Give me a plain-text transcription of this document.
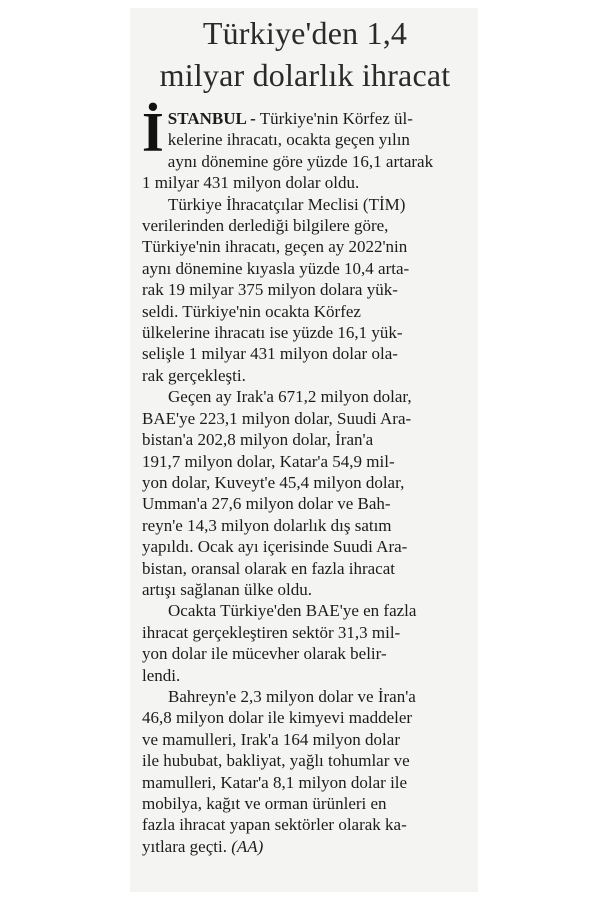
Türkiye'den 1,4
milyar dolarlık ihracat

İ STANBUL - Türkiye'nin Körfez ül-
kelerine ihracatı, ocakta geçen yılın
aynı dönemine göre yüzde 16,1 artarak
1 milyar 431 milyon dolar oldu.

Türkiye İhracatçılar Meclisi (TİM)
verilerinden derlediği bilgilere göre,
Türkiye'nin ihracatı, geçen ay 2022'nin
aynı dönemine kıyasla yüzde 10,4 arta-
rak 19 milyar 375 milyon dolara yük-
seldi. Türkiye'nin ocakta Körfez
ülkelerine ihracatı ise yüzde 16,1 yük-
selişle 1 milyar 431 milyon dolar ola-
rak gerçekleşti.

Geçen ay Irak'a 671,2 milyon dolar,
BAE'ye 223,1 milyon dolar, Suudi Ara-
bistan'a 202,8 milyon dolar, İran'a
191,7 milyon dolar, Katar'a 54,9 mil-
yon dolar, Kuveyt'e 45,4 milyon dolar,
Umman'a 27,6 milyon dolar ve Bah-
reyn'e 14,3 milyon dolarlık dış satım
yapıldı. Ocak ayı içerisinde Suudi Ara-
bistan, oransal olarak en fazla ihracat
artışı sağlanan ülke oldu.

Ocakta Türkiye'den BAE'ye en fazla
ihracat gerçekleştiren sektör 31,3 mil-
yon dolar ile mücevher olarak belir-
lendi.

Bahreyn'e 2,3 milyon dolar ve İran'a
46,8 milyon dolar ile kimyevi maddeler
ve mamulleri, Irak'a 164 milyon dolar
ile hububat, bakliyat, yağlı tohumlar ve
mamulleri, Katar'a 8,1 milyon dolar ile
mobilya, kağıt ve orman ürünleri en
fazla ihracat yapan sektörler olarak ka-
yıtlara geçti. (AA)
